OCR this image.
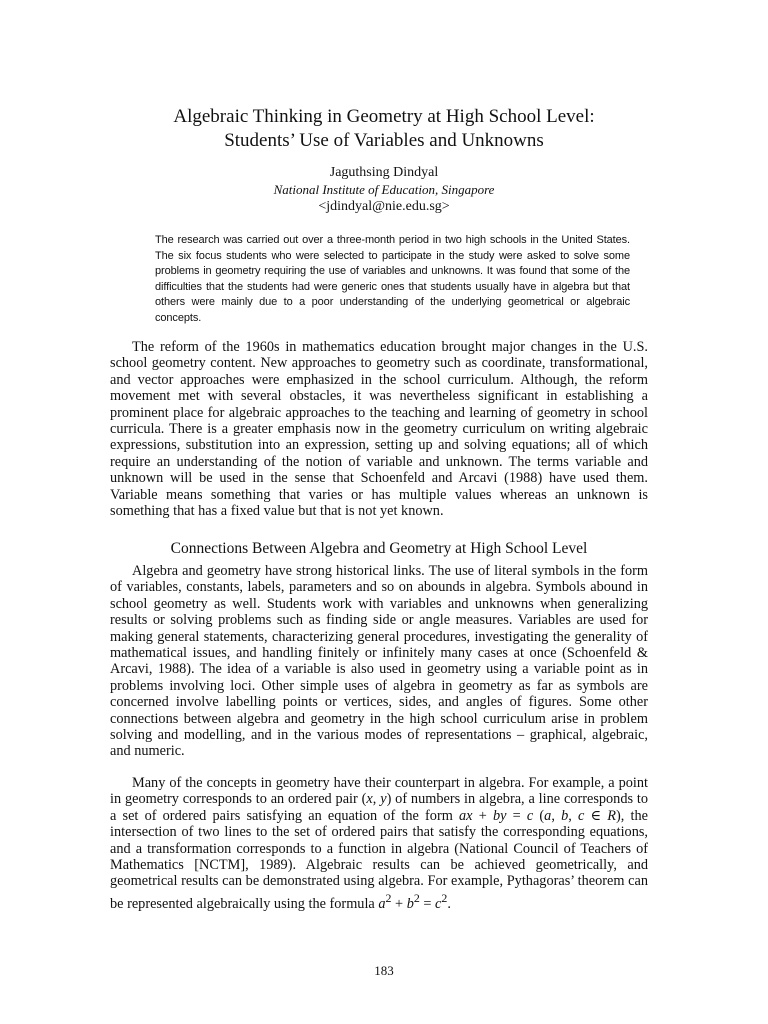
Algebraic Thinking in Geometry at High School Level:
Students’ Use of Variables and Unknowns
Jaguthsing Dindyal
National Institute of Education, Singapore
<jdindyal@nie.edu.sg>

The research was carried out over a three-month period in two high schools in the United States. The six focus students who were selected to participate in the study were asked to solve some problems in geometry requiring the use of variables and unknowns. It was found that some of the difficulties that the students had were generic ones that students usually have in algebra but that others were mainly due to a poor understanding of the underlying geometrical or algebraic concepts.

The reform of the 1960s in mathematics education brought major changes in the U.S. school geometry content. New approaches to geometry such as coordinate, transformational, and vector approaches were emphasized in the school curriculum. Although, the reform movement met with several obstacles, it was nevertheless significant in establishing a prominent place for algebraic approaches to the teaching and learning of geometry in school curricula. There is a greater emphasis now in the geometry curriculum on writing algebraic expressions, substitution into an expression, setting up and solving equations; all of which require an understanding of the notion of variable and unknown. The terms variable and unknown will be used in the sense that Schoenfeld and Arcavi (1988) have used them. Variable means something that varies or has multiple values whereas an unknown is something that has a fixed value but that is not yet known.

Connections Between Algebra and Geometry at High School Level

Algebra and geometry have strong historical links. The use of literal symbols in the form of variables, constants, labels, parameters and so on abounds in algebra. Symbols abound in school geometry as well. Students work with variables and unknowns when generalizing results or solving problems such as finding side or angle measures. Variables are used for making general statements, characterizing general procedures, investigating the generality of mathematical issues, and handling finitely or infinitely many cases at once (Schoenfeld & Arcavi, 1988). The idea of a variable is also used in geometry using a variable point as in problems involving loci. Other simple uses of algebra in geometry as far as symbols are concerned involve labelling points or vertices, sides, and angles of figures. Some other connections between algebra and geometry in the high school curriculum arise in problem solving and modelling, and in the various modes of representations – graphical, algebraic, and numeric.

Many of the concepts in geometry have their counterpart in algebra. For example, a point in geometry corresponds to an ordered pair (x, y) of numbers in algebra, a line corresponds to a set of ordered pairs satisfying an equation of the form ax + by = c (a, b, c ∈ R), the intersection of two lines to the set of ordered pairs that satisfy the corresponding equations, and a transformation corresponds to a function in algebra (National Council of Teachers of Mathematics [NCTM], 1989). Algebraic results can be achieved geometrically, and geometrical results can be demonstrated using algebra. For example, Pythagoras’ theorem can be represented algebraically using the formula $a^2 + b^2 = c^2$.

183
